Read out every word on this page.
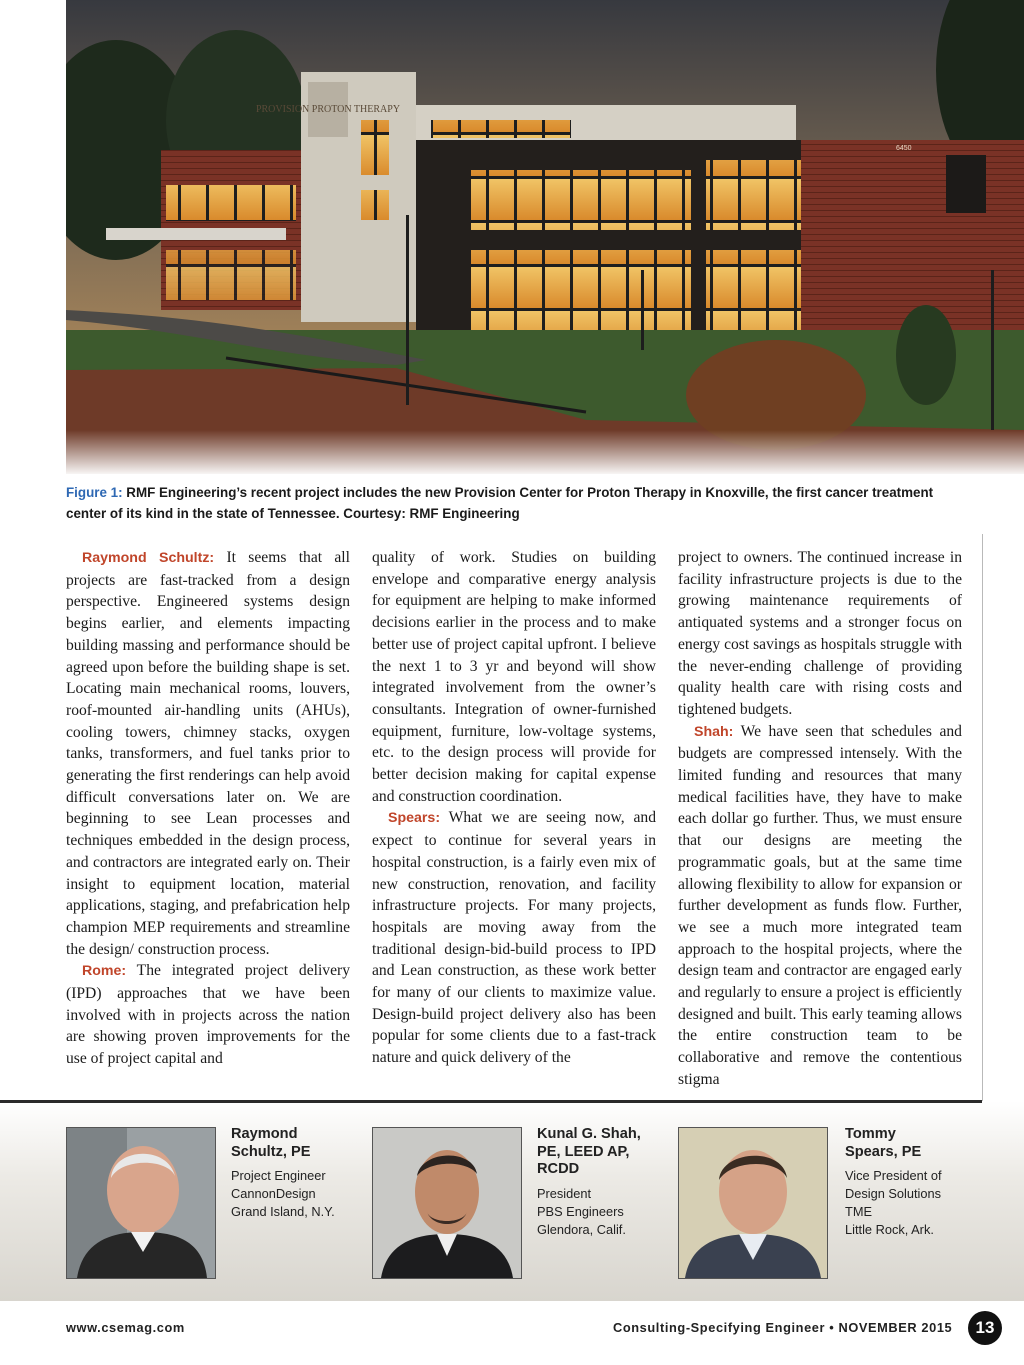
PROVISION PROTON THERAPY
6450
Figure 1: RMF Engineering’s recent project includes the new Provision Center for Proton Therapy in Knoxville, the first cancer treatment center of its kind in the state of Tennessee. Courtesy: RMF Engineering

Raymond Schultz: It seems that all projects are fast-tracked from a design perspective. Engineered systems design begins earlier, and elements impacting building massing and performance should be agreed upon before the building shape is set. Locating main mechanical rooms, louvers, roof-mounted air-handling units (AHUs), cooling towers, chimney stacks, oxygen tanks, transformers, and fuel tanks prior to generating the first renderings can help avoid difficult conversations later on. We are beginning to see Lean processes and techniques embedded in the design process, and contractors are integrated early on. Their insight to equipment location, material applications, staging, and prefabrication help champion MEP requirements and streamline the design/ construction process.

Rome: The integrated project delivery (IPD) approaches that we have been involved with in projects across the nation are showing proven improvements for the use of project capital and

quality of work. Studies on building envelope and comparative energy analysis for equipment are helping to make informed decisions earlier in the process and to make better use of project capital upfront. I believe the next 1 to 3 yr and beyond will show integrated involvement from the owner’s consultants. Integration of owner-furnished equipment, furniture, low-voltage systems, etc. to the design process will provide for better decision making for capital expense and construction coordination.

Spears: What we are seeing now, and expect to continue for several years in hospital construction, is a fairly even mix of new construction, renovation, and facility infrastructure projects. For many projects, hospitals are moving away from the traditional design-bid-build process to IPD and Lean construction, as these work better for many of our clients to maximize value. Design-build project delivery also has been popular for some clients due to a fast-track nature and quick delivery of the

project to owners. The continued increase in facility infrastructure projects is due to the growing maintenance requirements of antiquated systems and a stronger focus on energy cost savings as hospitals struggle with the never-ending challenge of providing quality health care with rising costs and tightened budgets.

Shah: We have seen that schedules and budgets are compressed intensely. With the limited funding and resources that many medical facilities have, they have to make each dollar go further. Thus, we must ensure that our designs are meeting the programmatic goals, but at the same time allowing flexibility to allow for expansion or further development as funds flow. Further, we see a much more integrated team approach to the hospital projects, where the design team and contractor are engaged early and regularly to ensure a project is efficiently designed and built. This early teaming allows the entire construction team to be collaborative and remove the contentious stigma

Raymond
Schultz, PE
Project Engineer
CannonDesign
Grand Island, N.Y.
Kunal G. Shah,
PE, LEED AP,
RCDD
President
PBS Engineers
Glendora, Calif.
Tommy
Spears, PE
Vice President of
Design Solutions
TME
Little Rock, Ark.
www.csemag.com	Consulting-Specifying Engineer • NOVEMBER 2015	13
